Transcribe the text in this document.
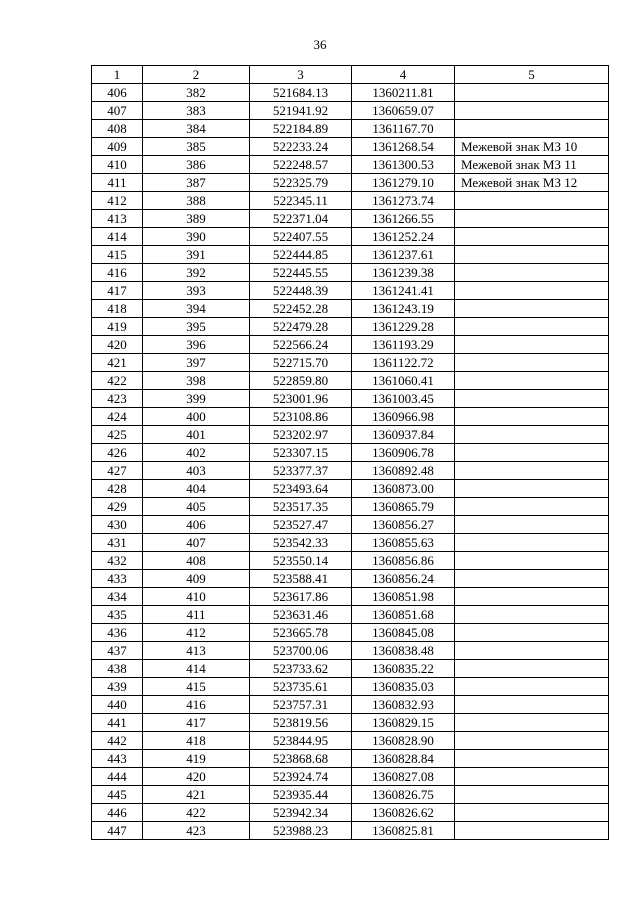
36
1	2	3	4	5
406	382	521684.13	1360211.81	
407	383	521941.92	1360659.07	
408	384	522184.89	1361167.70	
409	385	522233.24	1361268.54	Межевой знак МЗ 10
410	386	522248.57	1361300.53	Межевой знак МЗ 11
411	387	522325.79	1361279.10	Межевой знак МЗ 12
412	388	522345.11	1361273.74	
413	389	522371.04	1361266.55	
414	390	522407.55	1361252.24	
415	391	522444.85	1361237.61	
416	392	522445.55	1361239.38	
417	393	522448.39	1361241.41	
418	394	522452.28	1361243.19	
419	395	522479.28	1361229.28	
420	396	522566.24	1361193.29	
421	397	522715.70	1361122.72	
422	398	522859.80	1361060.41	
423	399	523001.96	1361003.45	
424	400	523108.86	1360966.98	
425	401	523202.97	1360937.84	
426	402	523307.15	1360906.78	
427	403	523377.37	1360892.48	
428	404	523493.64	1360873.00	
429	405	523517.35	1360865.79	
430	406	523527.47	1360856.27	
431	407	523542.33	1360855.63	
432	408	523550.14	1360856.86	
433	409	523588.41	1360856.24	
434	410	523617.86	1360851.98	
435	411	523631.46	1360851.68	
436	412	523665.78	1360845.08	
437	413	523700.06	1360838.48	
438	414	523733.62	1360835.22	
439	415	523735.61	1360835.03	
440	416	523757.31	1360832.93	
441	417	523819.56	1360829.15	
442	418	523844.95	1360828.90	
443	419	523868.68	1360828.84	
444	420	523924.74	1360827.08	
445	421	523935.44	1360826.75	
446	422	523942.34	1360826.62	
447	423	523988.23	1360825.81	
